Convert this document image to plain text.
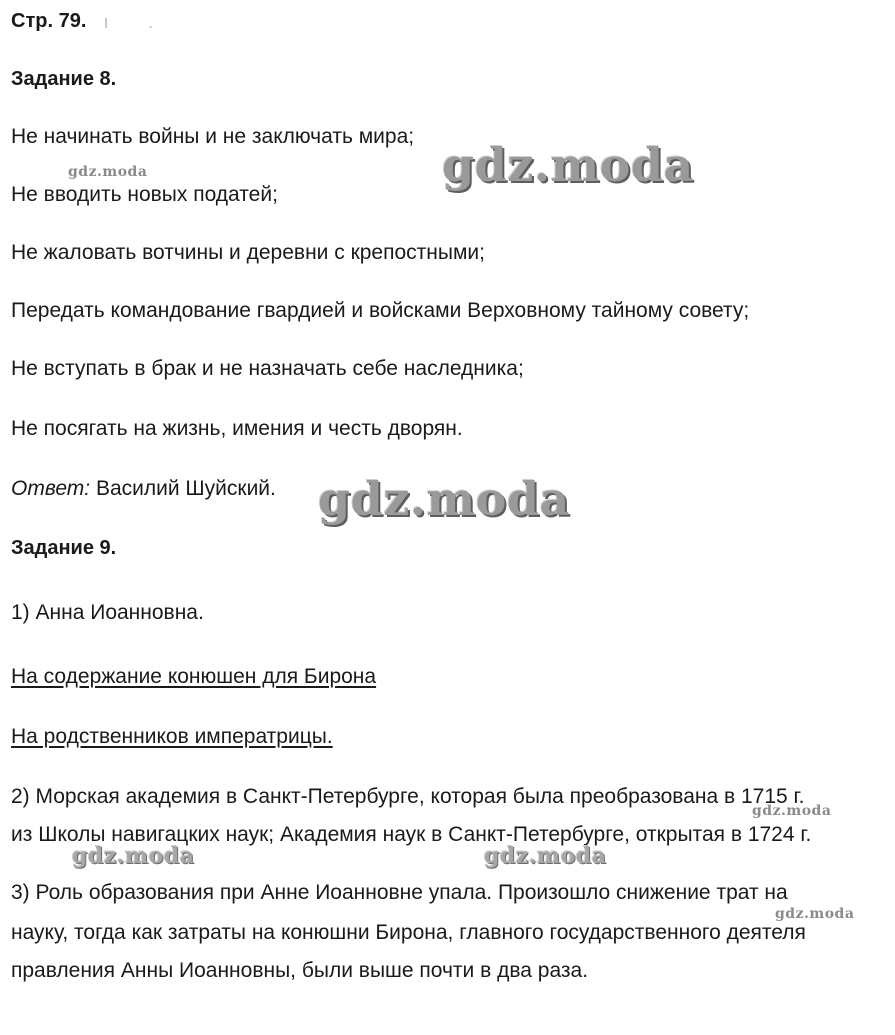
Стр. 79. ι        .
Задание 8.
Не начинать войны и не заключать мира;
Не вводить новых податей;
Не жаловать вотчины и деревни с крепостными;
Передать командование гвардией и войсками Верховному тайному совету;
Не вступать в брак и не назначать себе наследника;
Не посягать на жизнь, имения и честь дворян.
Ответ: Василий Шуйский.
Задание 9.
1) Анна Иоанновна.
На содержание конюшен для Бирона
На родственников императрицы.
2) Морская академия в Санкт-Петербурге, которая была преобразована в 1715 г.
из Школы навигацких наук; Академия наук в Санкт-Петербурге, открытая в 1724 г.
3) Роль образования при Анне Иоанновне упала. Произошло снижение трат на
науку, тогда как затраты на конюшни Бирона, главного государственного деятеля
правления Анны Иоанновны, были выше почти в два раза.
gdz.moda
gdz.moda
gdz.moda
gdz.moda
gdz.moda	gdz.moda
gdz.moda
